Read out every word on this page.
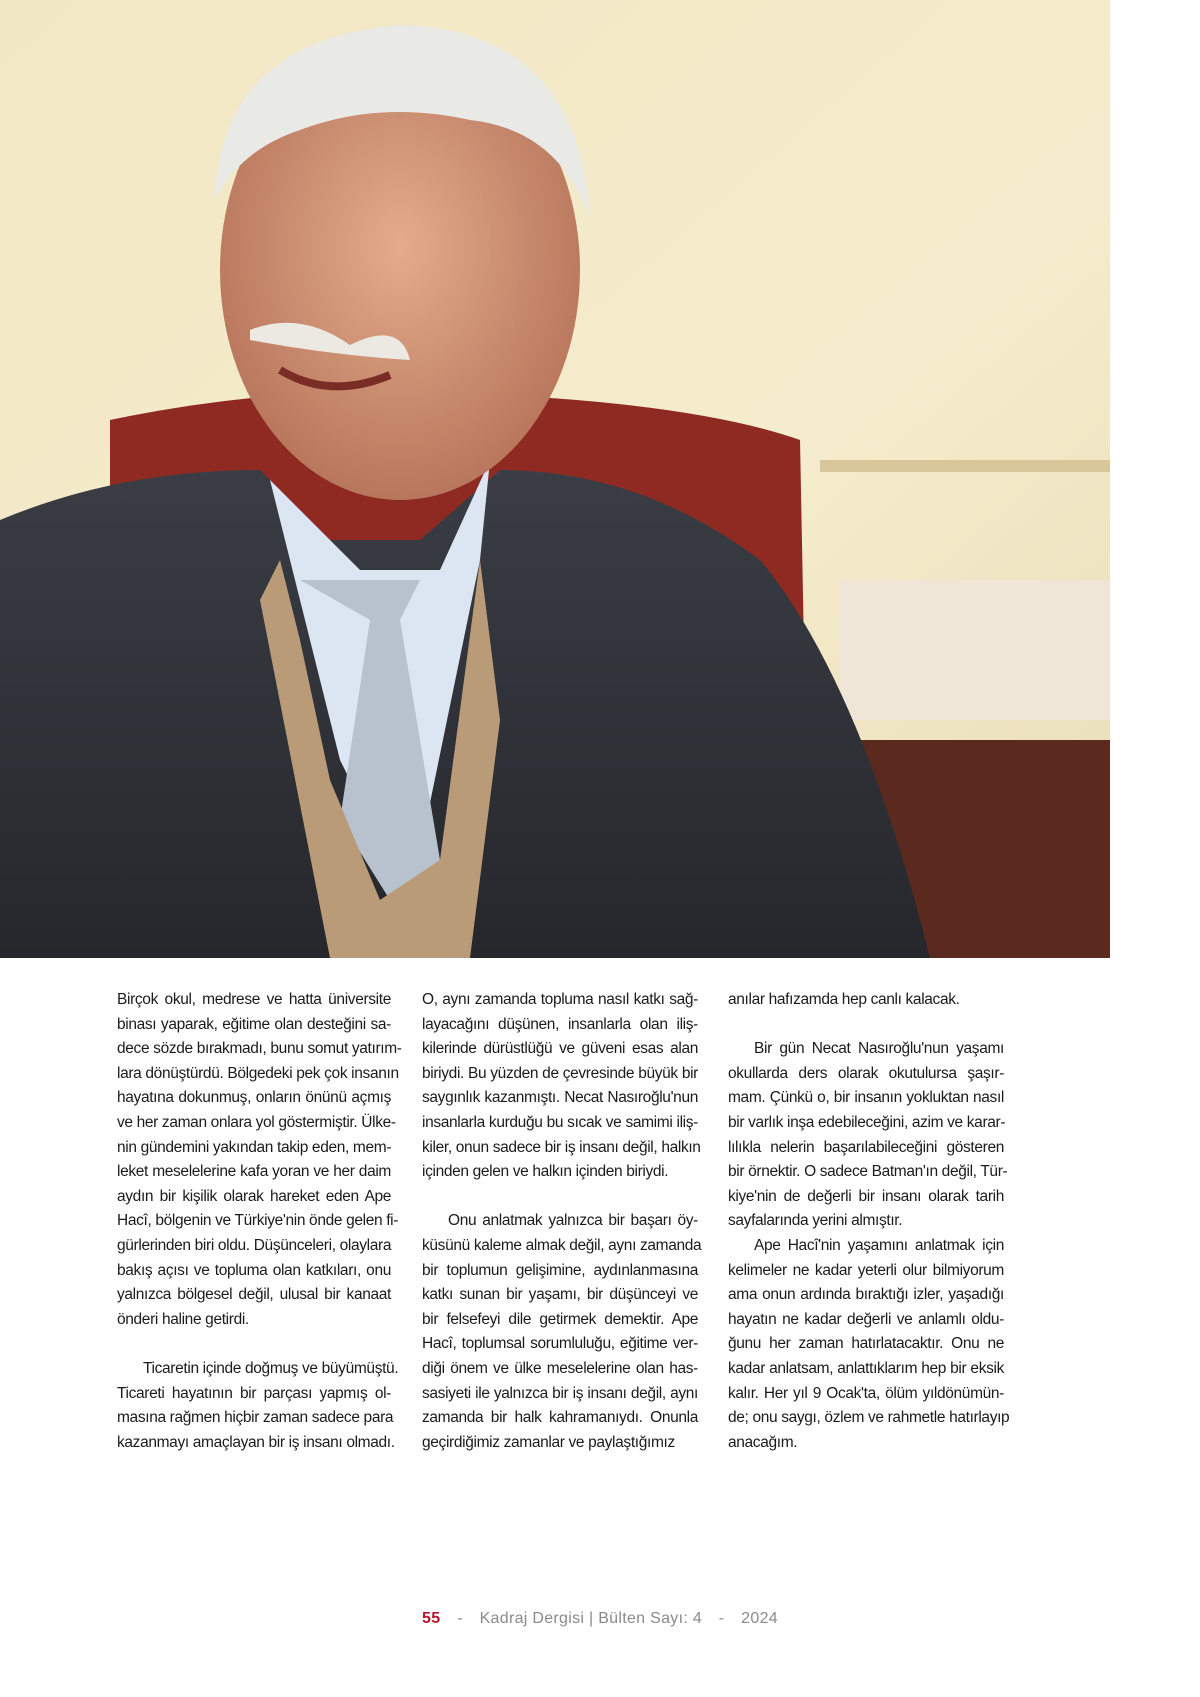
Birçok okul, medrese ve hatta üniversite
binası yaparak, eğitime olan desteğini sa-
dece sözde bırakmadı, bunu somut yatırım-
lara dönüştürdü. Bölgedeki pek çok insanın
hayatına dokunmuş, onların önünü açmış
ve her zaman onlara yol göstermiştir. Ülke-
nin gündemini yakından takip eden, mem-
leket meselelerine kafa yoran ve her daim
aydın bir kişilik olarak hareket eden Ape
Hacî, bölgenin ve Türkiye'nin önde gelen fi-
gürlerinden biri oldu. Düşünceleri, olaylara
bakış açısı ve topluma olan katkıları, onu
yalnızca bölgesel değil, ulusal bir kanaat
önderi haline getirdi.
Ticaretin içinde doğmuş ve büyümüştü.
Ticareti hayatının bir parçası yapmış ol-
masına rağmen hiçbir zaman sadece para
kazanmayı amaçlayan bir iş insanı olmadı.
O, aynı zamanda topluma nasıl katkı sağ-
layacağını düşünen, insanlarla olan iliş-
kilerinde dürüstlüğü ve güveni esas alan
biriydi. Bu yüzden de çevresinde büyük bir
saygınlık kazanmıştı. Necat Nasıroğlu'nun
insanlarla kurduğu bu sıcak ve samimi iliş-
kiler, onun sadece bir iş insanı değil, halkın
içinden gelen ve halkın içinden biriydi.
Onu anlatmak yalnızca bir başarı öy-
küsünü kaleme almak değil, aynı zamanda
bir toplumun gelişimine, aydınlanmasına
katkı sunan bir yaşamı, bir düşünceyi ve
bir felsefeyi dile getirmek demektir. Ape
Hacî, toplumsal sorumluluğu, eğitime ver-
diği önem ve ülke meselelerine olan has-
sasiyeti ile yalnızca bir iş insanı değil, aynı
zamanda bir halk kahramanıydı. Onunla
geçirdiğimiz zamanlar ve paylaştığımız
anılar hafızamda hep canlı kalacak.
Bir gün Necat Nasıroğlu'nun yaşamı
okullarda ders olarak okutulursa şaşır-
mam. Çünkü o, bir insanın yokluktan nasıl
bir varlık inşa edebileceğini, azim ve karar-
lılıkla nelerin başarılabileceğini gösteren
bir örnektir. O sadece Batman'ın değil, Tür-
kiye'nin de değerli bir insanı olarak tarih
sayfalarında yerini almıştır.
Ape Hacî'nin yaşamını anlatmak için
kelimeler ne kadar yeterli olur bilmiyorum
ama onun ardında bıraktığı izler, yaşadığı
hayatın ne kadar değerli ve anlamlı oldu-
ğunu her zaman hatırlatacaktır. Onu ne
kadar anlatsam, anlattıklarım hep bir eksik
kalır. Her yıl 9 Ocak'ta, ölüm yıldönümün-
de; onu saygı, özlem ve rahmetle hatırlayıp
anacağım.
55 - Kadraj Dergisi | Bülten Sayı: 4 - 2024
